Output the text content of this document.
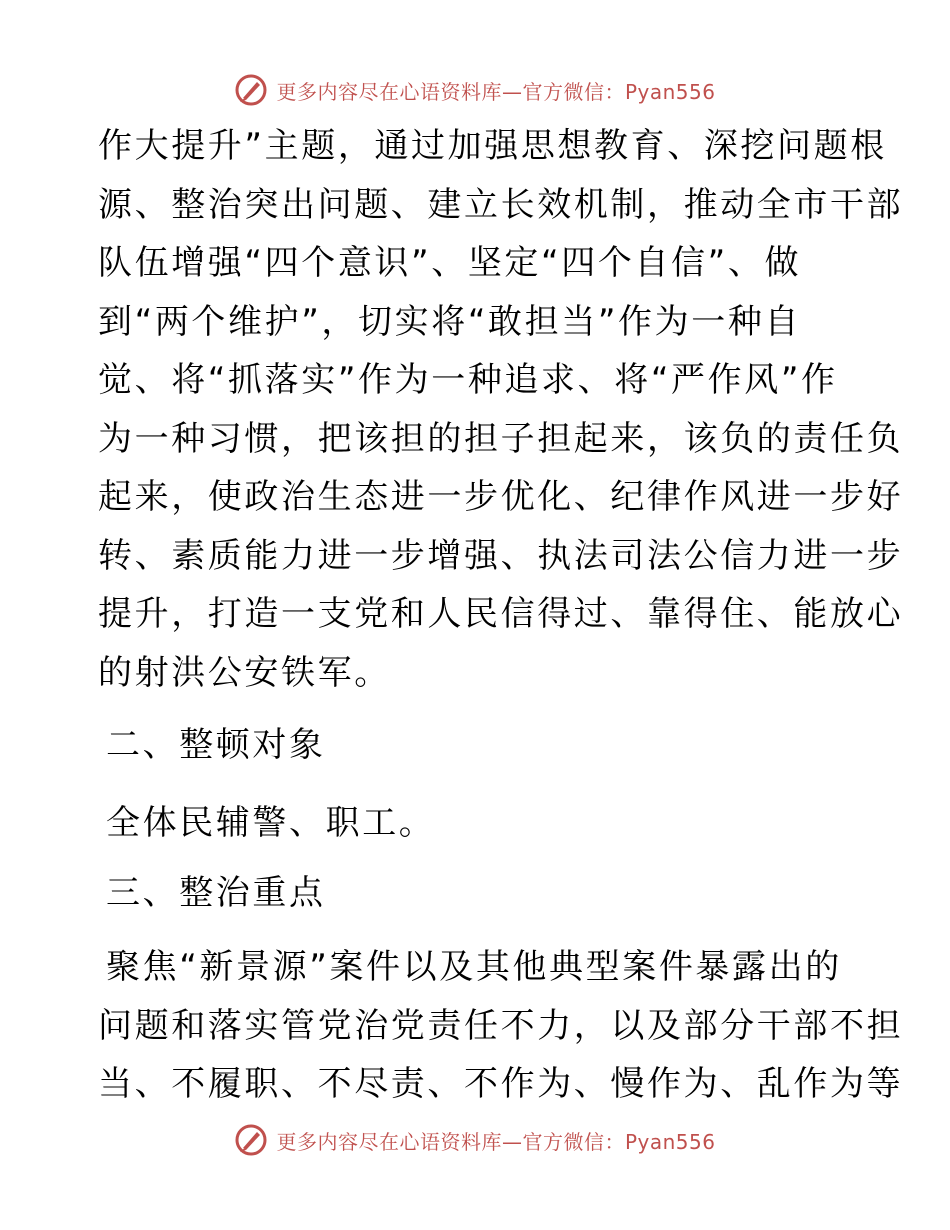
更多内容尽在心语资料库—官方微信：Pyan556
作大提升”主题，通过加强思想教育、深挖问题根
源、整治突出问题、建立长效机制，推动全市干部
队伍增强“四个意识”、坚定“四个自信”、做
到“两个维护”，切实将“敢担当”作为一种自
觉、将“抓落实”作为一种追求、将“严作风”作
为一种习惯，把该担的担子担起来，该负的责任负
起来，使政治生态进一步优化、纪律作风进一步好
转、素质能力进一步增强、执法司法公信力进一步
提升，打造一支党和人民信得过、靠得住、能放心
的射洪公安铁军。
二、整顿对象
全体民辅警、职工。
三、整治重点
聚焦“新景源”案件以及其他典型案件暴露出的
问题和落实管党治党责任不力，以及部分干部不担
当、不履职、不尽责、不作为、慢作为、乱作为等
更多内容尽在心语资料库—官方微信：Pyan556
